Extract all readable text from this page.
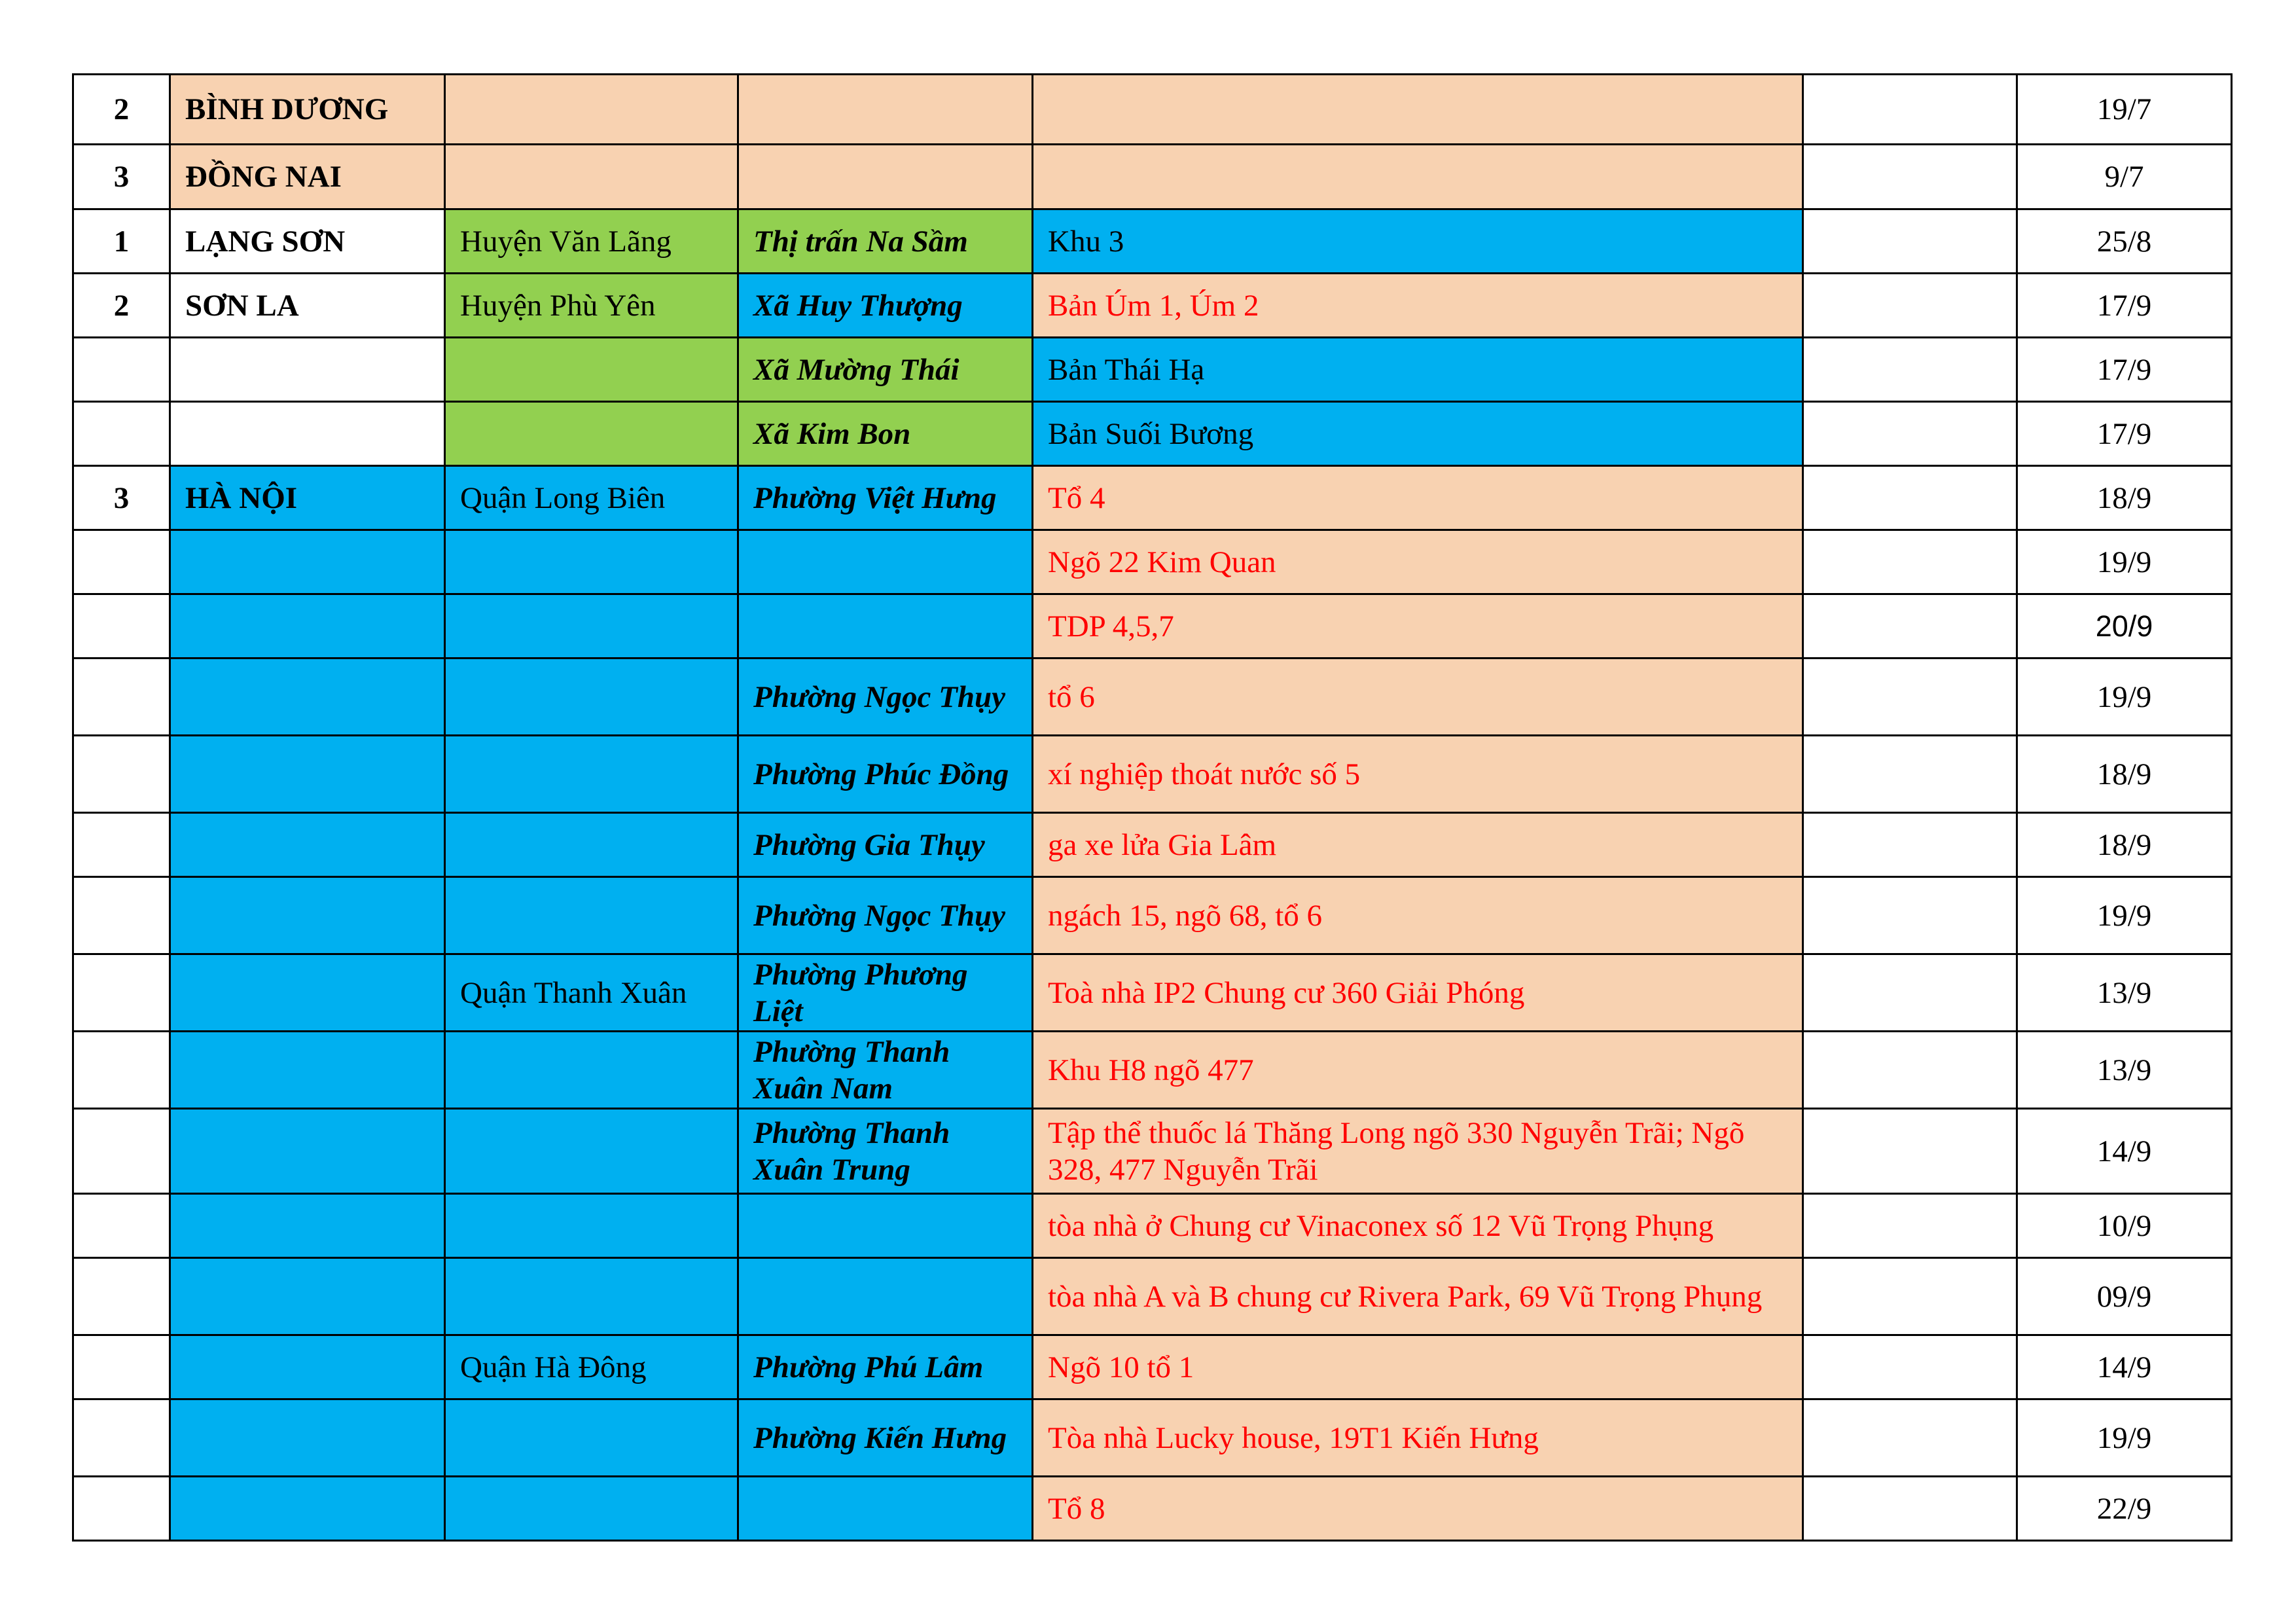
2	BÌNH DƯƠNG					19/7
3	ĐỒNG NAI					9/7
1	LẠNG SƠN	Huyện Văn Lãng	Thị trấn Na Sầm	Khu 3		25/8
2	SƠN LA	Huyện Phù Yên	Xã Huy Thượng	Bản Úm 1, Úm 2		17/9
			Xã Mường Thái	Bản Thái Hạ		17/9
			Xã Kim Bon	Bản Suối Bương		17/9
3	HÀ NỘI	Quận Long Biên	Phường Việt Hưng	Tổ 4		18/9
				Ngõ 22 Kim Quan		19/9
				TDP 4,5,7		20/9
			Phường Ngọc Thụy	tổ 6		19/9
			Phường Phúc Đồng	xí nghiệp thoát nước số 5		18/9
			Phường Gia Thụy	ga xe lửa Gia Lâm		18/9
			Phường Ngọc Thụy	ngách 15, ngõ 68, tổ 6		19/9
		Quận Thanh Xuân	Phường Phương Liệt	Toà nhà IP2 Chung cư 360 Giải Phóng		13/9
			Phường Thanh Xuân Nam	Khu H8 ngõ 477		13/9
			Phường Thanh Xuân Trung	Tập thể thuốc lá Thăng Long ngõ 330 Nguyễn Trãi; Ngõ 328, 477 Nguyễn Trãi		14/9
				tòa nhà ở Chung cư Vinaconex số 12 Vũ Trọng Phụng		10/9
				tòa nhà A và B chung cư Rivera Park, 69 Vũ Trọng Phụng		09/9
		Quận Hà Đông	Phường Phú Lâm	Ngõ 10 tổ 1		14/9
			Phường Kiến Hưng	Tòa nhà Lucky house, 19T1 Kiến Hưng		19/9
				Tổ 8		22/9
